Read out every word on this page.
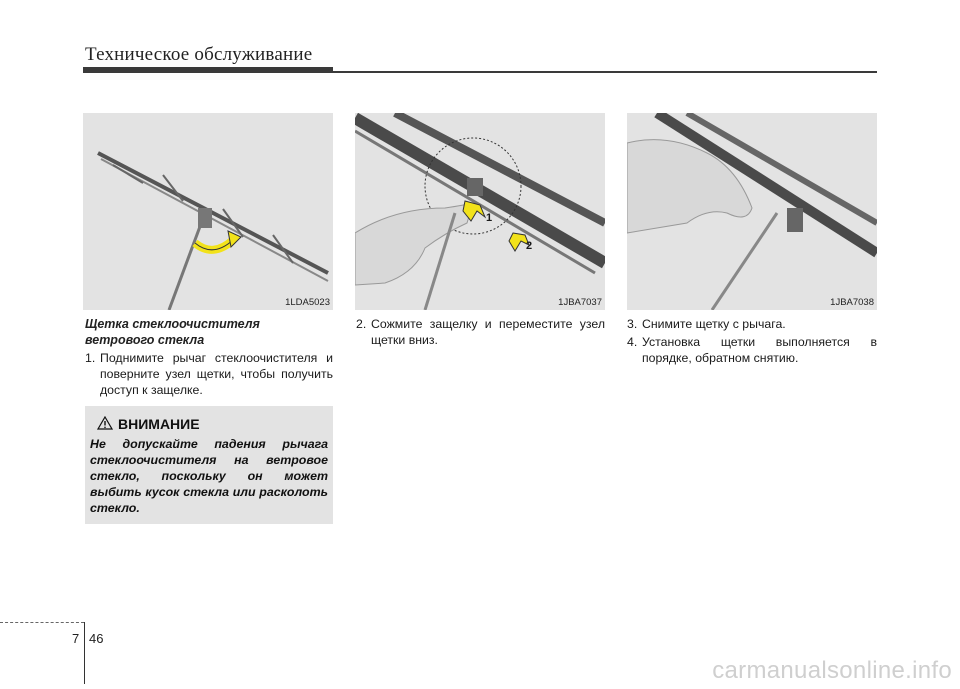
Техническое обслуживание
1LDA5023
1
2
1JBA7037	1JBA7038
Щетка стеклоочистителя
ветрового стекла
1. Поднимите рычаг стеклоочистителя и поверните узел щетки, чтобы получить доступ к защелке.
ВНИМАНИЕ
Не допускайте падения рычага стеклоочистителя на ветровое стекло, поскольку он может выбить кусок стекла или расколоть стекло.
2. Сожмите защелку и переместите узел щетки вниз.
3. Снимите щетку с рычага.
4. Установка щетки выполняется в порядке, обратном снятию.
7 46
carmanualsonline.info
